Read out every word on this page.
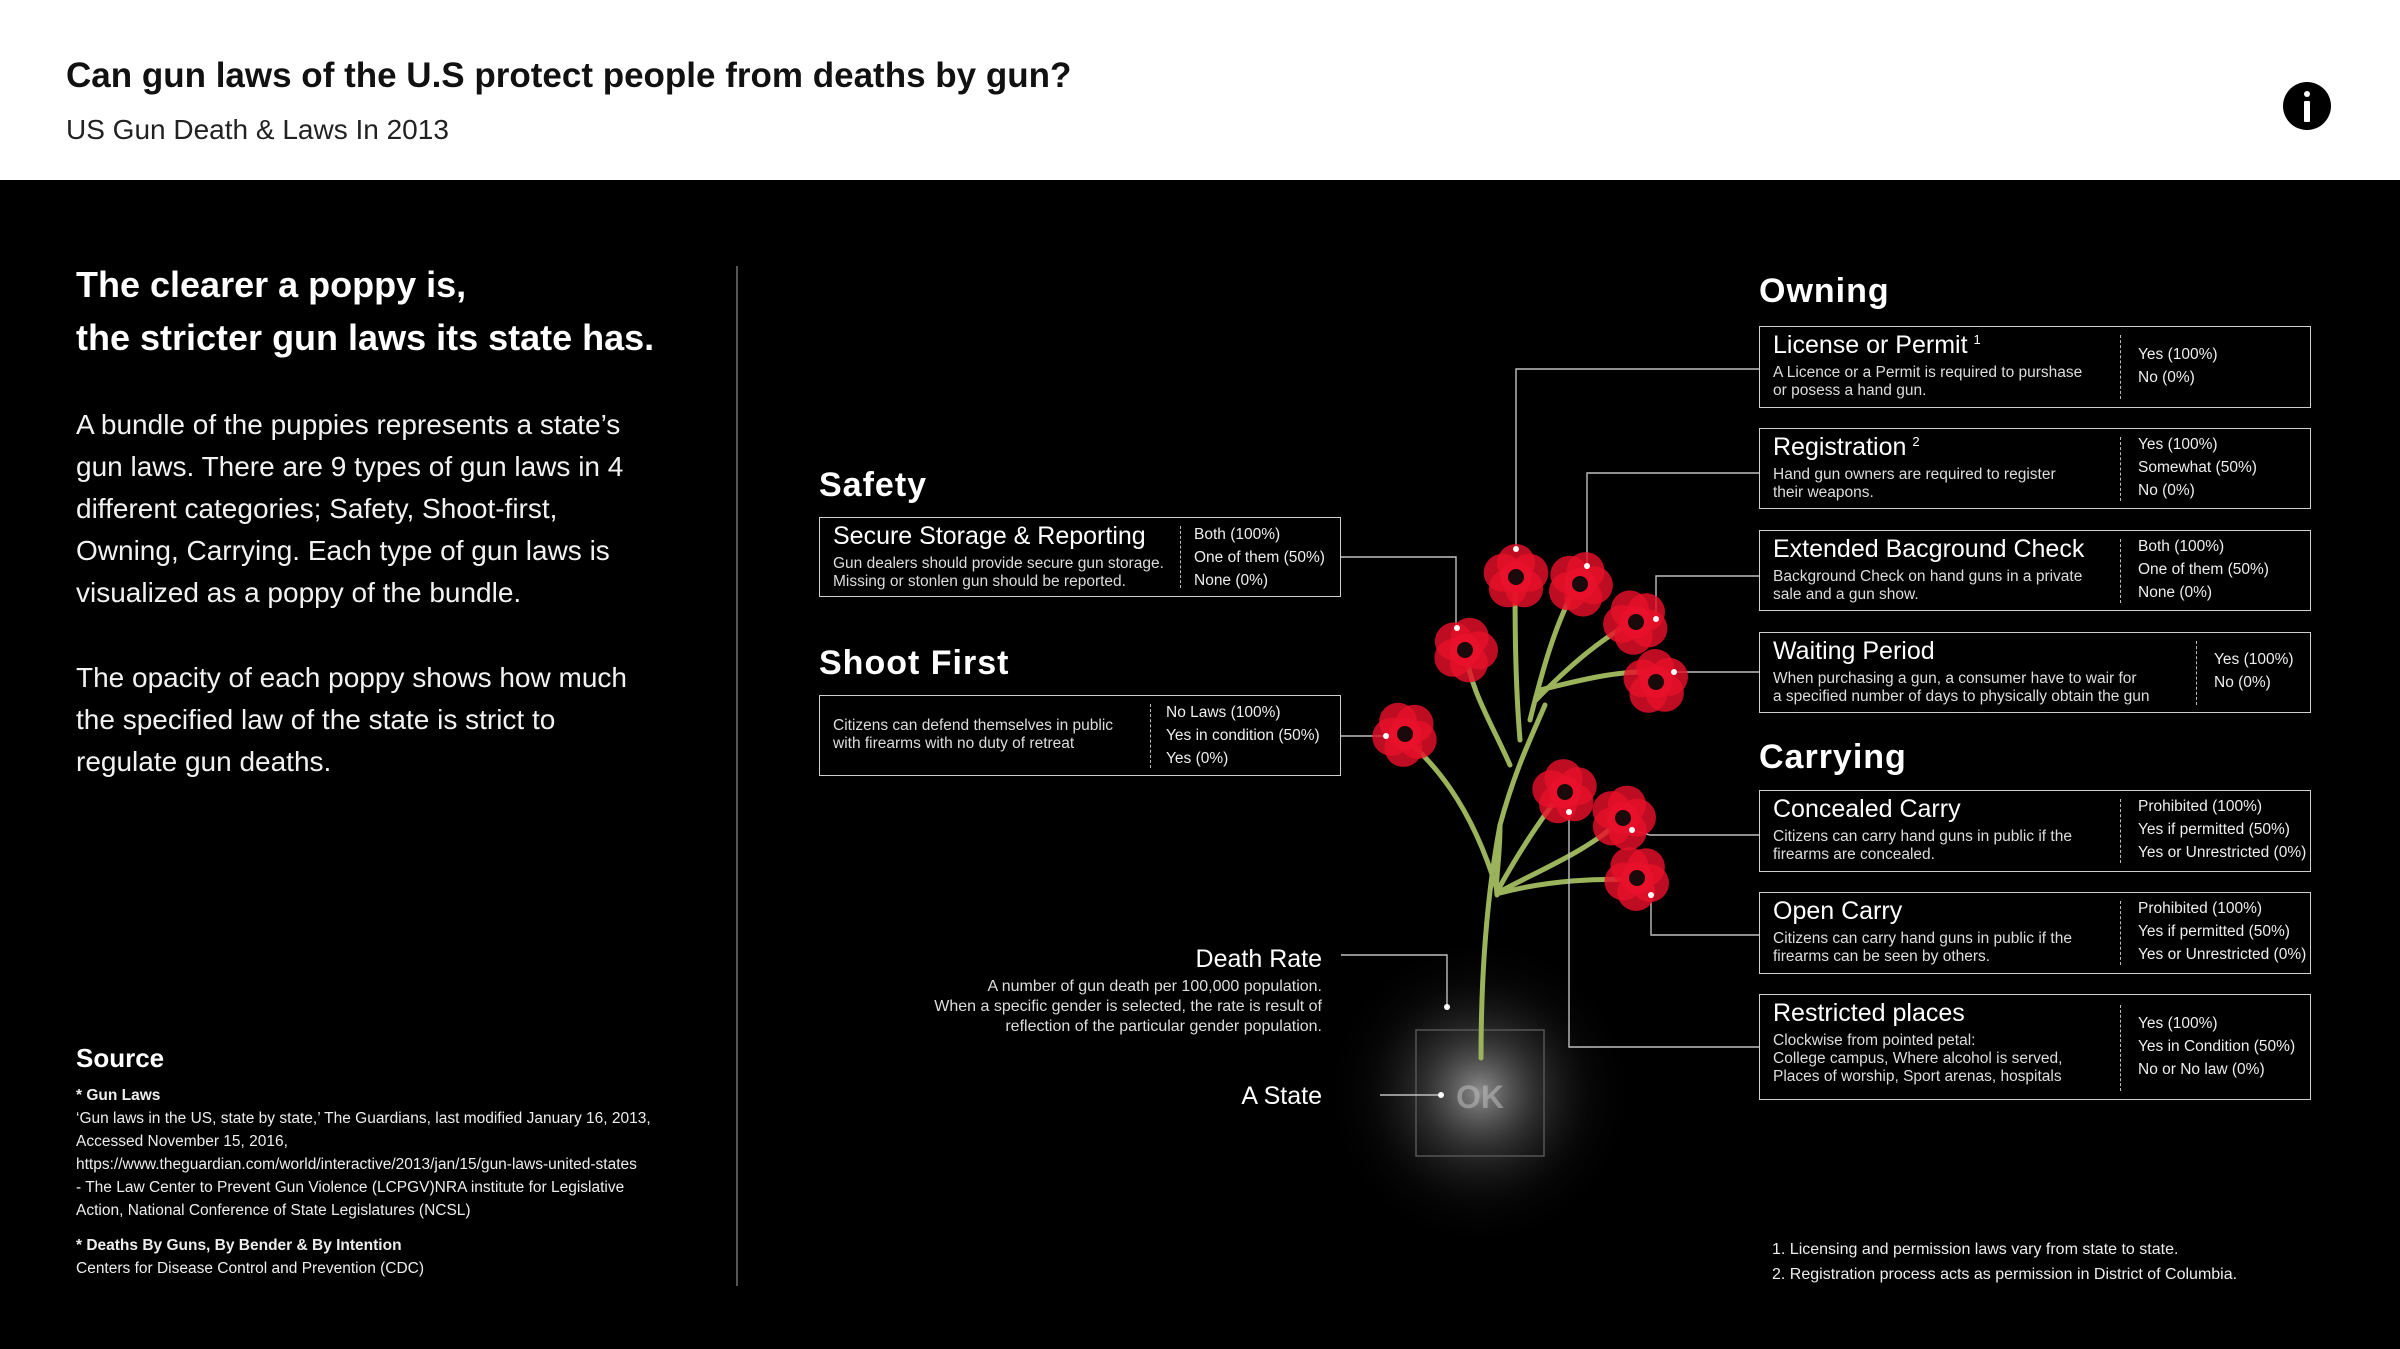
Can gun laws of the U.S protect people from deaths by gun?
US Gun Death & Laws In 2013
The clearer a poppy is,
the stricter gun laws its state has.
A bundle of the puppies represents a state’s
gun laws. There are 9 types of gun laws in 4
different categories; Safety, Shoot-first,
Owning, Carrying. Each type of gun laws is
visualized as a poppy of the bundle.
The opacity of each poppy shows how much
the specified law of the state is strict to
regulate gun deaths.
Source
* Gun Laws
‘Gun laws in the US, state by state,’ The Guardians, last modified January 16, 2013,
Accessed November 15, 2016,
https://www.theguardian.com/world/interactive/2013/jan/15/gun-laws-united-states
- The Law Center to Prevent Gun Violence (LCPGV)NRA institute for Legislative
Action, National Conference of State Legislatures (NCSL)
* Deaths By Guns, By Bender & By Intention
Centers for Disease Control and Prevention (CDC)
OK
Safety
Shoot First
Owning
Carrying
Secure Storage & Reporting
Gun dealers should provide secure gun storage.
Missing or stonlen gun should be reported.
Both (100%)
One of them (50%)
None (0%)
Citizens can defend themselves in public
with firearms with no duty of retreat
No Laws (100%)
Yes in condition (50%)
Yes (0%)
License or Permit $^1$
A Licence or a Permit is required to purshase
or posess a hand gun.
Yes (100%)
No (0%)
Registration $^2$
Hand gun owners are required to register
their weapons.
Yes (100%)
Somewhat (50%)
No (0%)
Extended Bacground Check
Background Check on hand guns in a private
sale and a gun show.
Both (100%)
One of them (50%)
None (0%)
Waiting Period
When purchasing a gun, a consumer have to wair for
a specified number of days to physically obtain the gun
Yes (100%)
No (0%)
Concealed Carry
Citizens can carry hand guns in public if the
firearms are concealed.
Prohibited (100%)
Yes if permitted (50%)
Yes or Unrestricted (0%)
Open Carry
Citizens can carry hand guns in public if the
firearms can be seen by others.
Prohibited (100%)
Yes if permitted (50%)
Yes or Unrestricted (0%)
Restricted places
Clockwise from pointed petal:
College campus, Where alcohol is served,
Places of worship, Sport arenas, hospitals
Yes (100%)
Yes in Condition (50%)
No or No law (0%)
Death Rate
A number of gun death per 100,000 population.
When a specific gender is selected, the rate is result of
reflection of the particular gender population.
A State
1. Licensing and permission laws vary from state to state.
2. Registration process acts as permission in District of Columbia.
